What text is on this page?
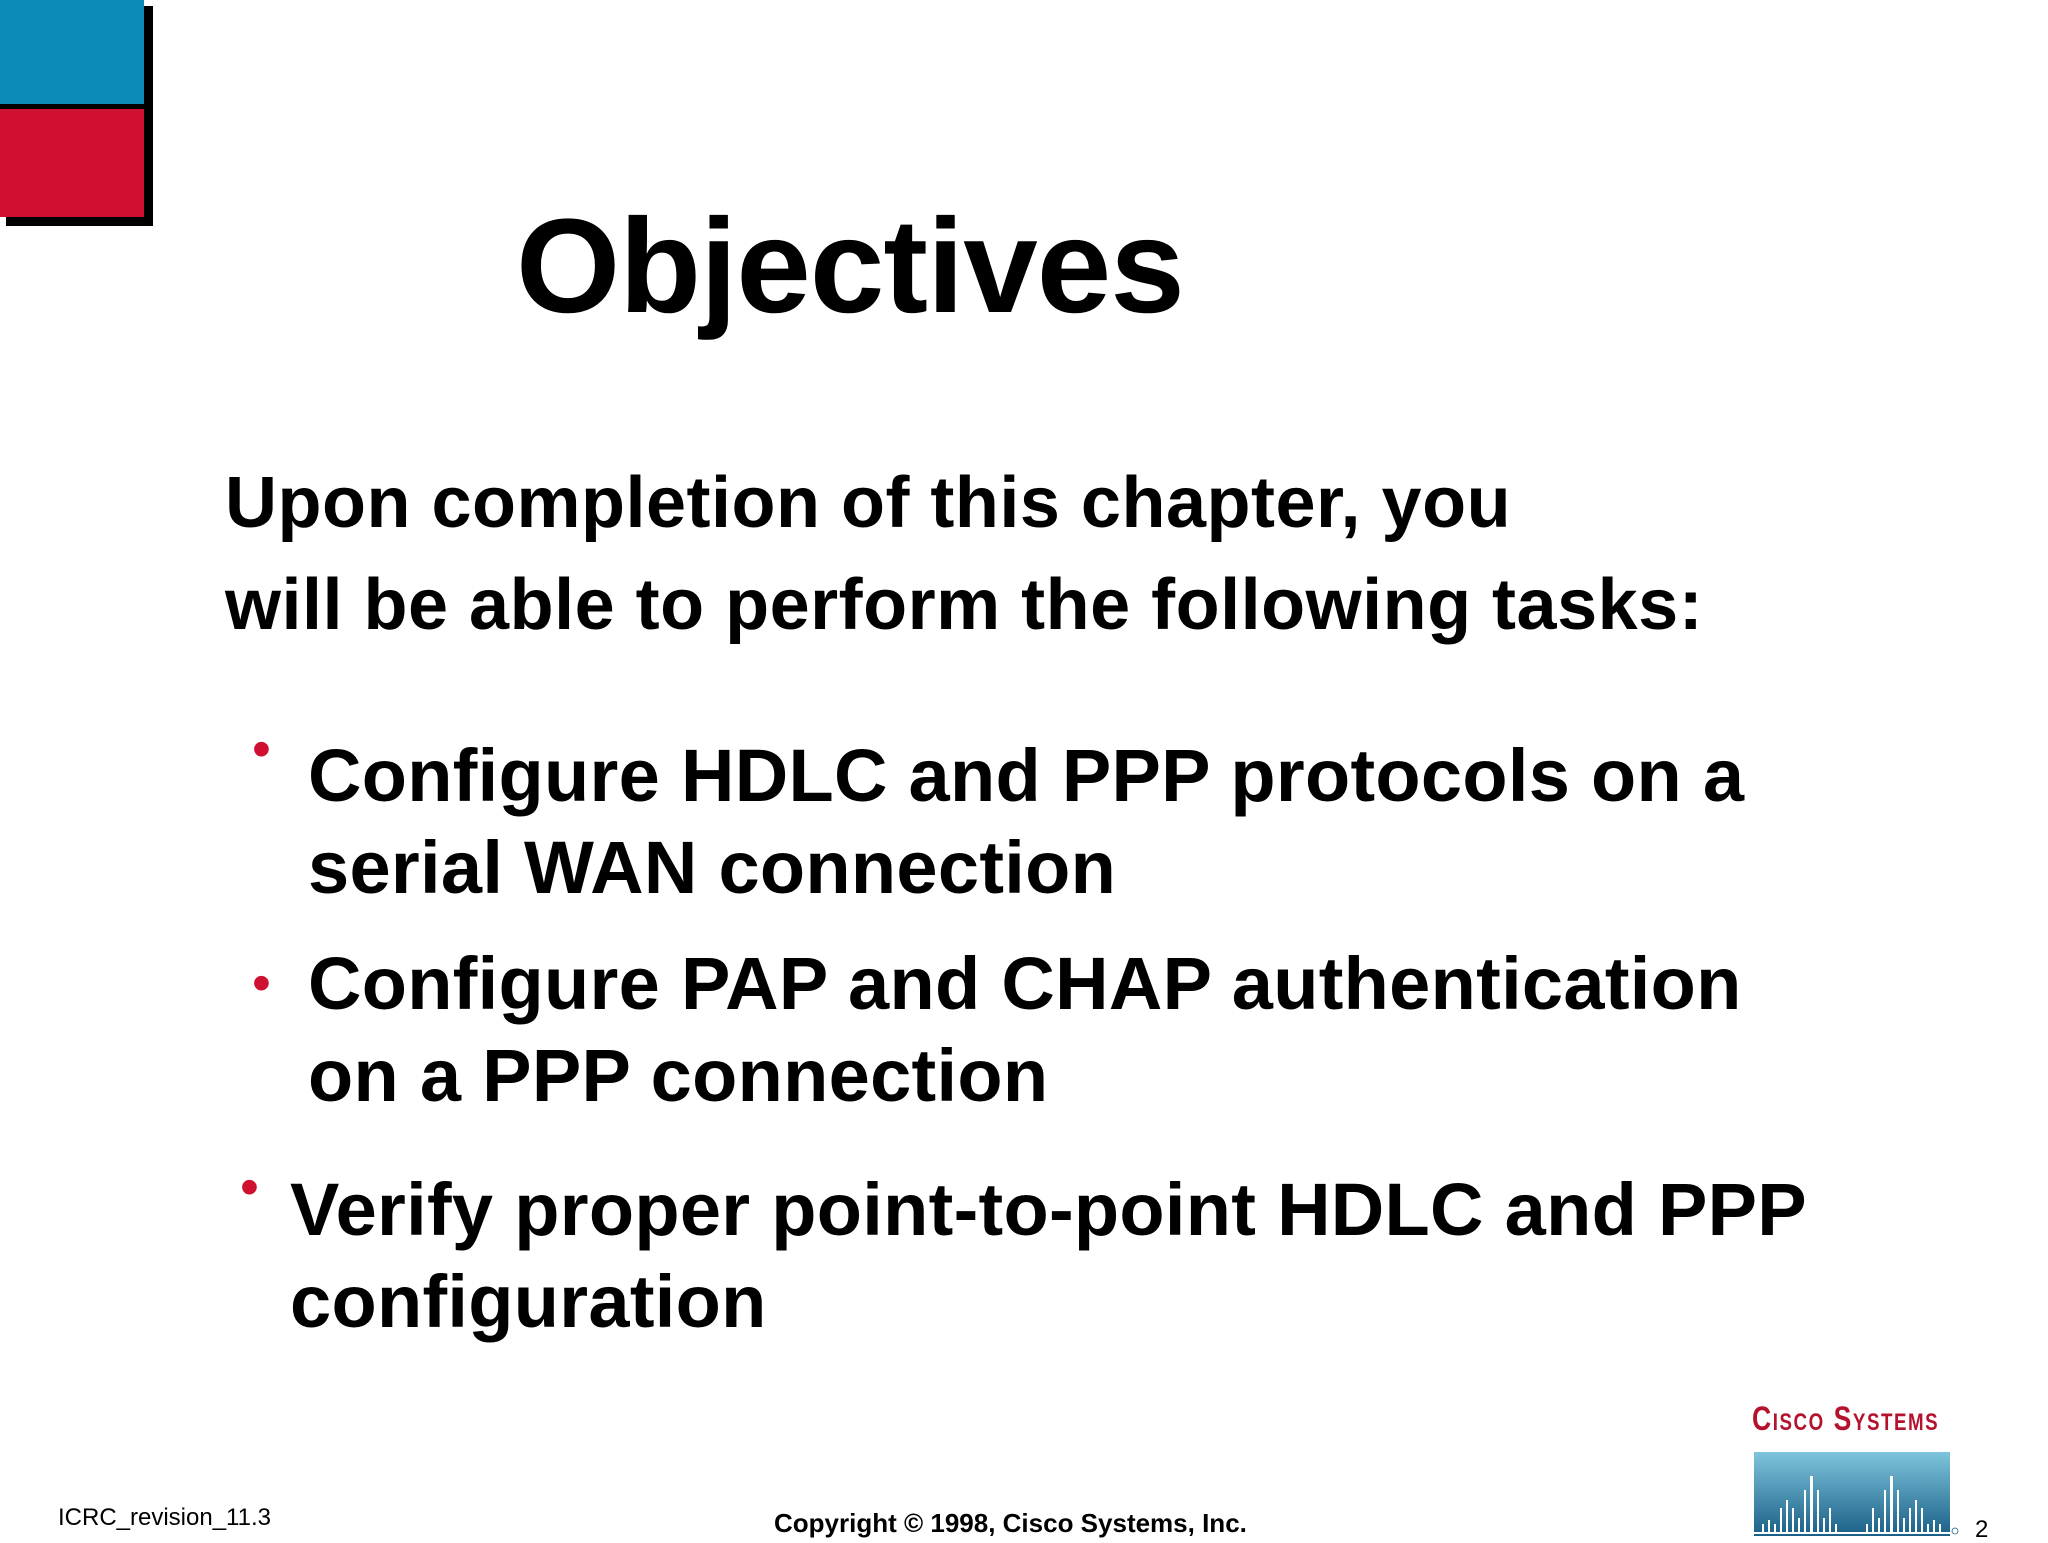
Objectives

Upon completion of this chapter, you
will be able to perform the following tasks:

• Configure HDLC and PPP protocols on a
serial WAN connection
• Configure PAP and CHAP authentication
on a PPP connection
• Verify proper point-to-point HDLC and PPP
configuration
ICRC_revision_11.3	Copyright © 1998, Cisco Systems, Inc.	2
Cisco Systems
